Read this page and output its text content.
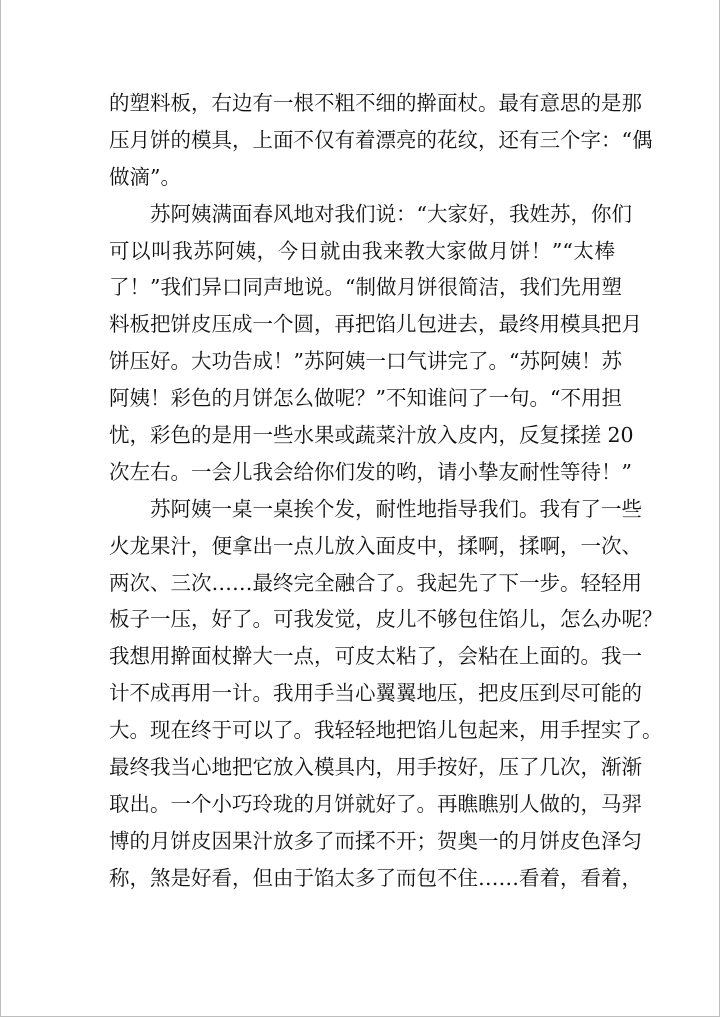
的塑料板，右边有一根不粗不细的擀面杖。最有意思的是那
压月饼的模具，上面不仅有着漂亮的花纹，还有三个字：“偶
做滴”。
苏阿姨满面春风地对我们说：“大家好，我姓苏，你们
可以叫我苏阿姨，今日就由我来教大家做月饼！”“太棒
了！”我们异口同声地说。“制做月饼很简洁，我们先用塑
料板把饼皮压成一个圆，再把馅儿包进去，最终用模具把月
饼压好。大功告成！”苏阿姨一口气讲完了。“苏阿姨！苏
阿姨！彩色的月饼怎么做呢？”不知谁问了一句。“不用担
忧，彩色的是用一些水果或蔬菜汁放入皮内，反复揉搓 20
次左右。一会儿我会给你们发的哟，请小挚友耐性等待！”
苏阿姨一桌一桌挨个发，耐性地指导我们。我有了一些
火龙果汁，便拿出一点儿放入面皮中，揉啊，揉啊，一次、
两次、三次……最终完全融合了。我起先了下一步。轻轻用
板子一压，好了。可我发觉，皮儿不够包住馅儿，怎么办呢？
我想用擀面杖擀大一点，可皮太粘了，会粘在上面的。我一
计不成再用一计。我用手当心翼翼地压，把皮压到尽可能的
大。现在终于可以了。我轻轻地把馅儿包起来，用手捏实了。
最终我当心地把它放入模具内，用手按好，压了几次，渐渐
取出。一个小巧玲珑的月饼就好了。再瞧瞧别人做的，马羿
博的月饼皮因果汁放多了而揉不开；贺奥一的月饼皮色泽匀
称，煞是好看，但由于馅太多了而包不住……看着，看着，
